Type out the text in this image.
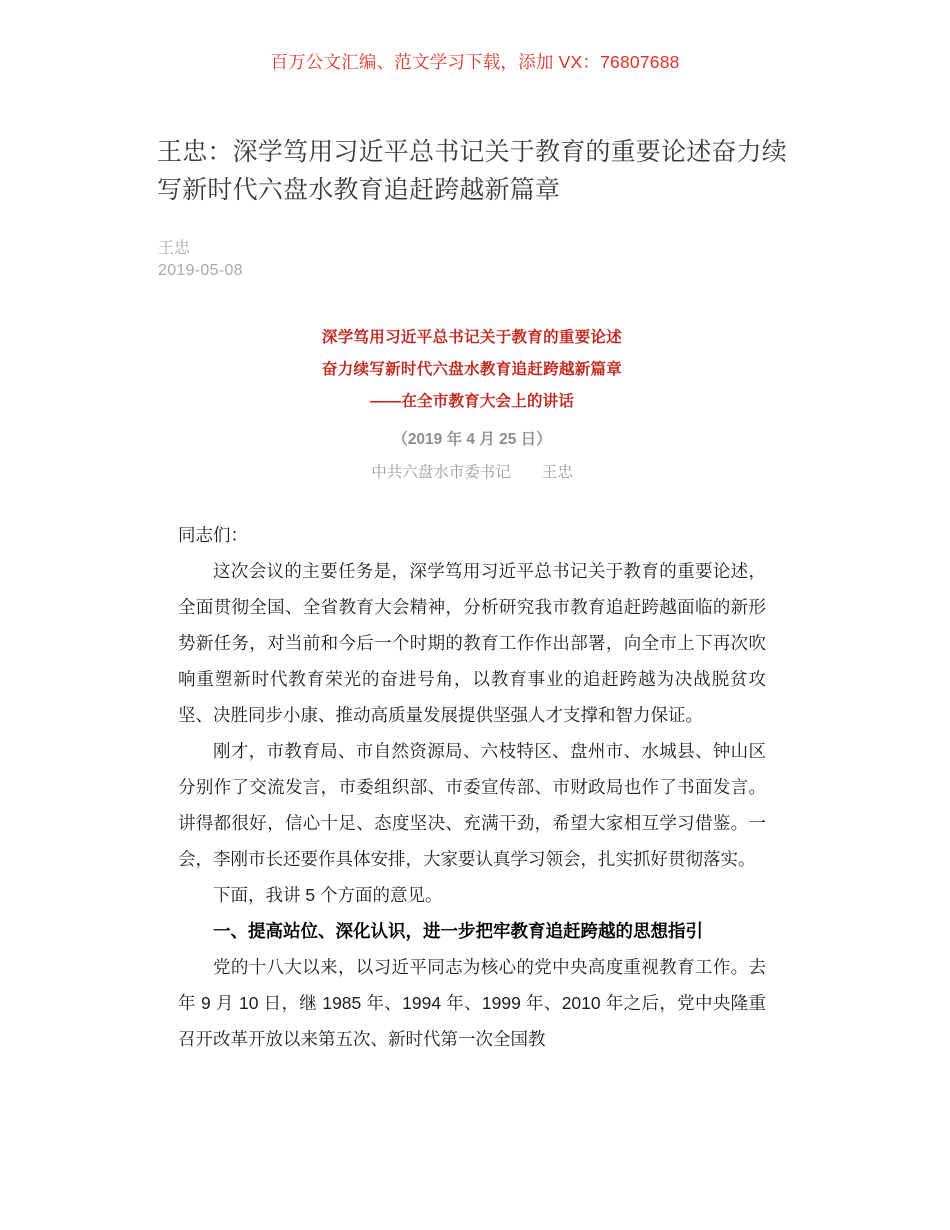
百万公文汇编、范文学习下载，添加 VX：76807688
王忠：深学笃用习近平总书记关于教育的重要论述奋力续写新时代六盘水教育追赶跨越新篇章
王忠
2019-05-08
深学笃用习近平总书记关于教育的重要论述
奋力续写新时代六盘水教育追赶跨越新篇章
——在全市教育大会上的讲话
（2019 年 4 月 25 日）
中共六盘水市委书记　　王忠
同志们：

这次会议的主要任务是，深学笃用习近平总书记关于教育的重要论述，全面贯彻全国、全省教育大会精神，分析研究我市教育追赶跨越面临的新形势新任务，对当前和今后一个时期的教育工作作出部署，向全市上下再次吹响重塑新时代教育荣光的奋进号角，以教育事业的追赶跨越为决战脱贫攻坚、决胜同步小康、推动高质量发展提供坚强人才支撑和智力保证。

刚才，市教育局、市自然资源局、六枝特区、盘州市、水城县、钟山区分别作了交流发言，市委组织部、市委宣传部、市财政局也作了书面发言。讲得都很好，信心十足、态度坚决、充满干劲，希望大家相互学习借鉴。一会，李刚市长还要作具体安排，大家要认真学习领会，扎实抓好贯彻落实。

下面，我讲 5 个方面的意见。

一、提高站位、深化认识，进一步把牢教育追赶跨越的思想指引

党的十八大以来，以习近平同志为核心的党中央高度重视教育工作。去年 9 月 10 日，继 1985 年、1994 年、1999 年、2010 年之后，党中央隆重召开改革开放以来第五次、新时代第一次全国教
